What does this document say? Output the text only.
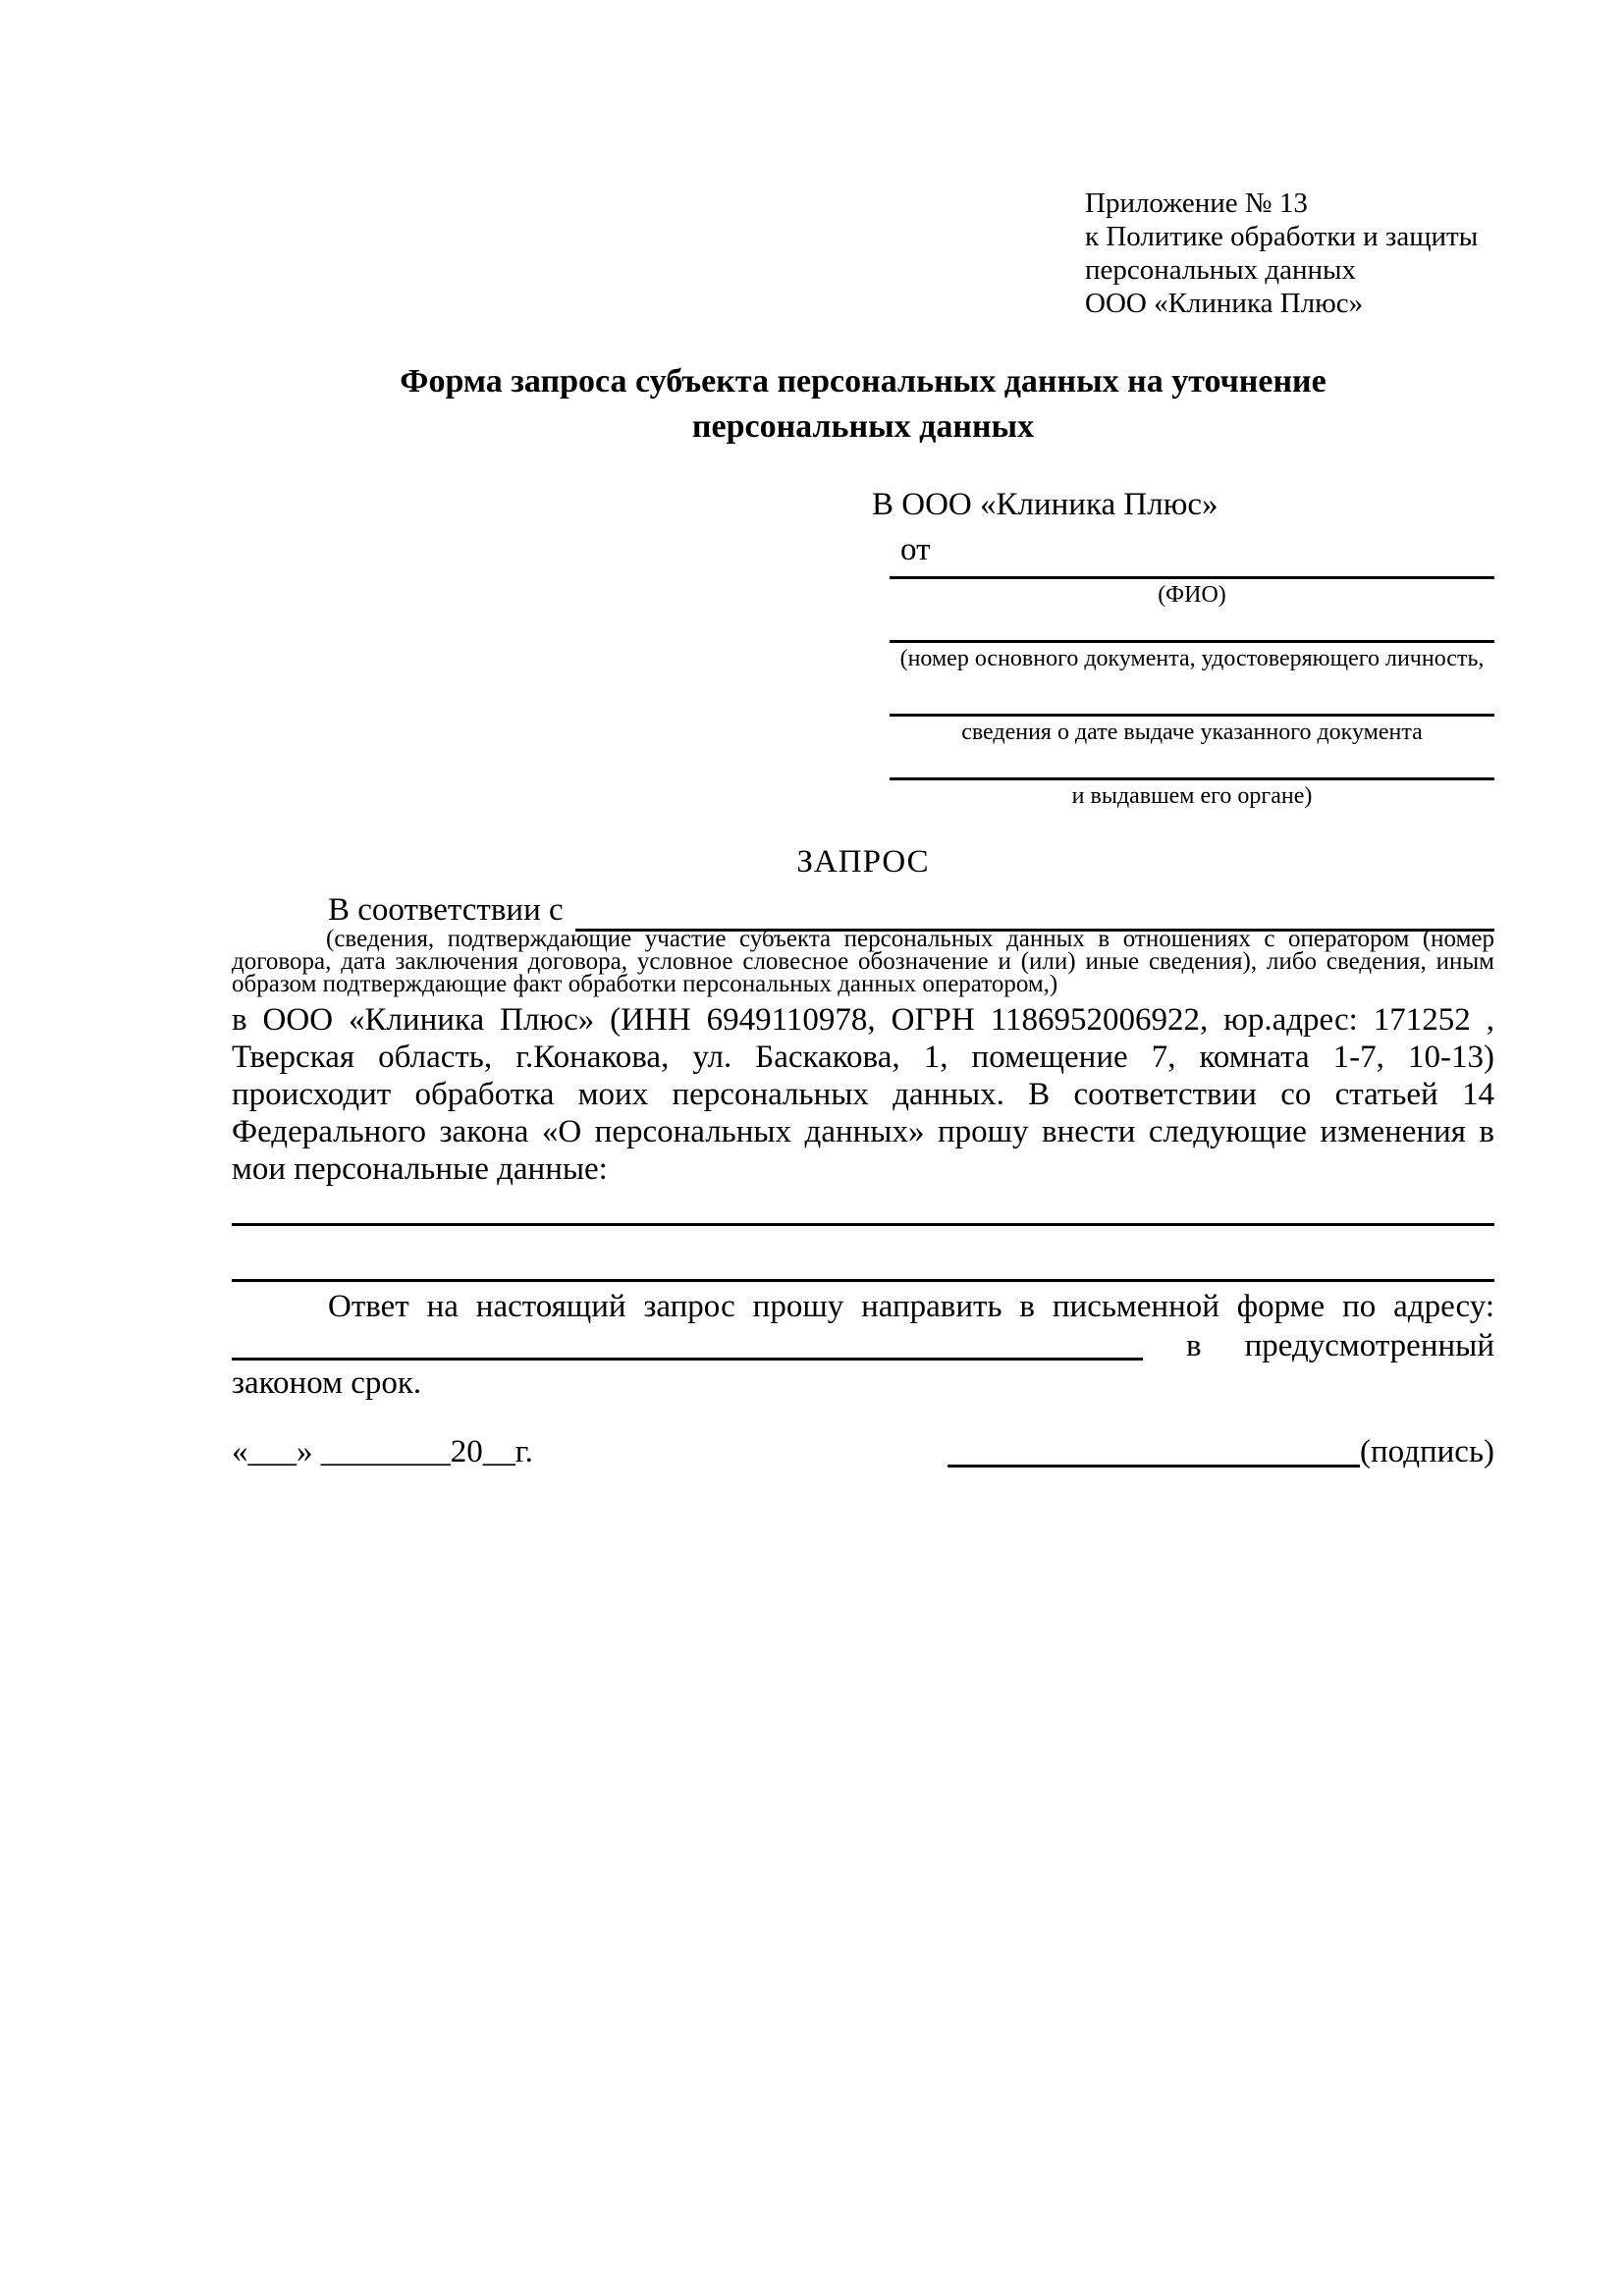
Приложение № 13
к Политике обработки и защиты
персональных данных
ООО «Клиника Плюс»
Форма запроса субъекта персональных данных на уточнение персональных данных
В ООО «Клиника Плюс»
от
(ФИО)
(номер основного документа, удостоверяющего личность,
сведения о дате выдаче указанного документа
и выдавшем его органе)
ЗАПРОС
В соответствии с
(сведения, подтверждающие участие субъекта персональных данных в отношениях с оператором (номер договора, дата заключения договора, условное словесное обозначение и (или) иные сведения), либо сведения, иным образом подтверждающие факт обработки персональных данных оператором,)
в ООО «Клиника Плюс» (ИНН 6949110978, ОГРН 1186952006922, юр.адрес: 171252 , Тверская область, г.Конакова, ул. Баскакова, 1, помещение 7, комната 1-7, 10-13) происходит обработка моих персональных данных. В соответствии со статьей 14 Федерального закона «О персональных данных» прошу внести следующие изменения в мои персональные данные:
Ответ на настоящий запрос прошу направить в письменной форме по адресу:
в предусмотренный
законом срок.
«___» ________20__г.	(подпись)
